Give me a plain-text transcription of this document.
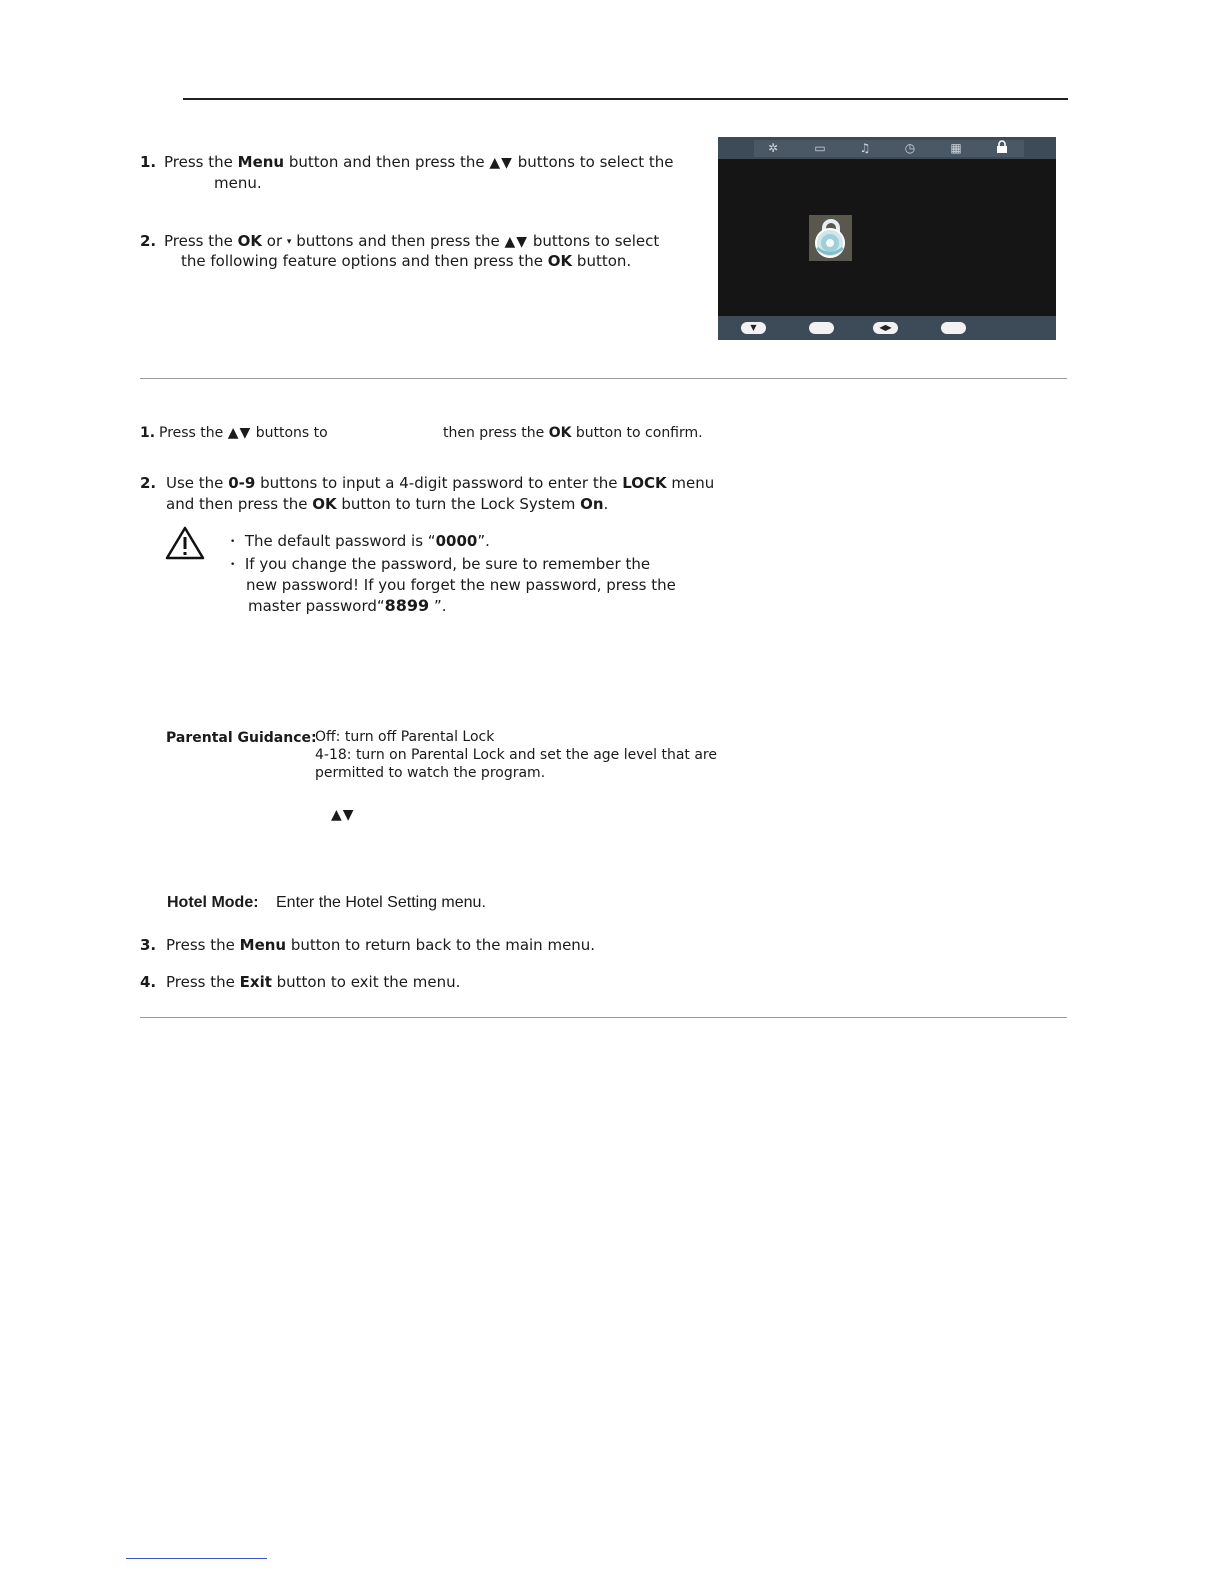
1. Press the Menu button and then press the ▲▼ buttons to select the
menu.
2. Press the OK or ▾ buttons and then press the ▲▼ buttons to select
the following feature options and then press the OK button.
✲	▭	♫	◷	▦
▼	◀▶
1. Press the ▲▼ buttons to	then press the OK button to confirm.
2. Use the 0-9 buttons to input a 4-digit password to enter the LOCK menu
and then press the OK button to turn the Lock System On.
• The default password is “0000”.
• If you change the password, be sure to remember the
new password! If you forget the new password, press the
master password“8899 ”.
Parental Guidance:
Off: turn off Parental Lock
4-18: turn on Parental Lock and set the age level that are
permitted to watch the program.
▲▼
Hotel Mode: Enter the Hotel Setting menu.
3. Press the Menu button to return back to the main menu.
4. Press the Exit button to exit the menu.
